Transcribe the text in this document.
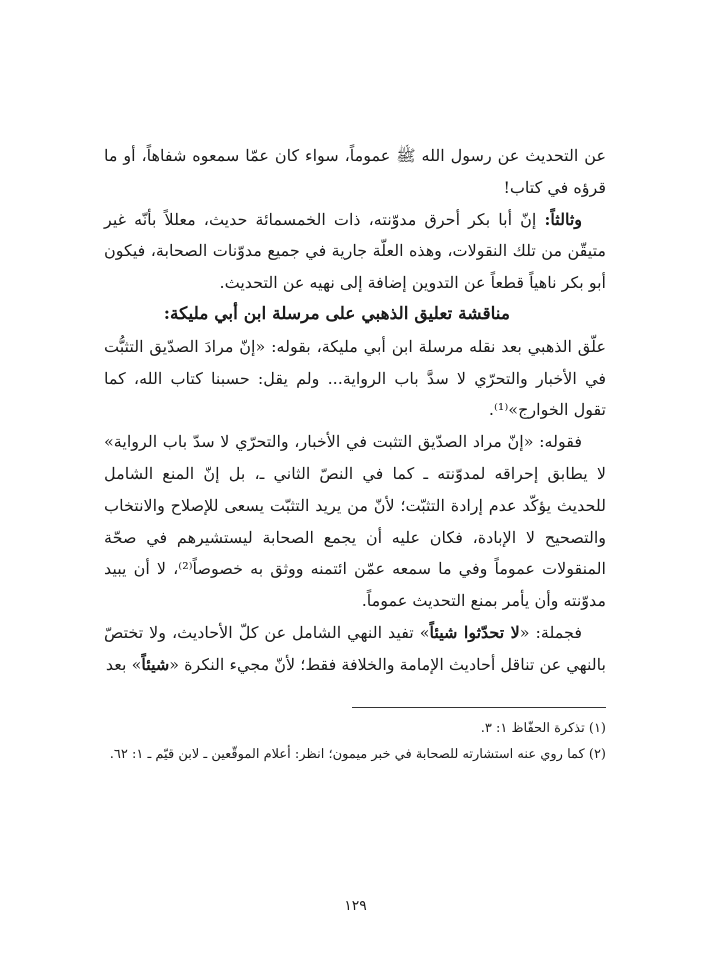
عن التحديث عن رسول الله ﷺ عموماً، سواء كان عمّا سمعوه شفاهاً، أو ما قرؤه في كتاب!

وثالثاً: إنّ أبا بكر أحرق مدوّنته، ذات الخمسمائة حديث، معللاً بأنّه غير متيقّن من تلك النقولات، وهذه العلّة جارية في جميع مدوّنات الصحابة، فيكون أبو بكر ناهياً قطعاً عن التدوين إضافة إلى نهيه عن التحديث.

مناقشة تعليق الذهبي على مرسلة ابن أبي مليكة:

علّق الذهبي بعد نقله مرسلة ابن أبي مليكة، بقوله: «إنّ مرادَ الصدّيق التثبُّت في الأخبار والتحرّي لا سدَّ باب الرواية... ولم يقل: حسبنا كتاب الله، كما تقول الخوارج»⁽¹⁾.

فقوله: «إنّ مراد الصدّيق التثبت في الأخبار، والتحرّي لا سدّ باب الرواية» لا يطابق إحراقه لمدوّنته ـ كما في النصّ الثاني ـ، بل إنّ المنع الشامل للحديث يؤكّد عدم إرادة التثبّت؛ لأنّ من يريد التثبّت يسعى للإصلاح والانتخاب والتصحيح لا الإبادة، فكان عليه أن يجمع الصحابة ليستشيرهم في صحّة المنقولات عموماً وفي ما سمعه عمّن ائتمنه ووثق به خصوصاً⁽²⁾، لا أن يبيد مدوّنته وأن يأمر بمنع التحديث عموماً.

فجملة: «لا تحدّثوا شيئاً» تفيد النهي الشامل عن كلّ الأحاديث، ولا تختصّ بالنهي عن تناقل أحاديث الإمامة والخلافة فقط؛ لأنّ مجيء النكرة «شيئاً» بعد

(١) تذكرة الحفّاظ ١: ٣.

(٢) كما روي عنه استشارته للصحابة في خبر ميمون؛ انظر: أعلام الموقّعين ـ لابن قيّم ـ ١: ٦٢.

١٢٩
